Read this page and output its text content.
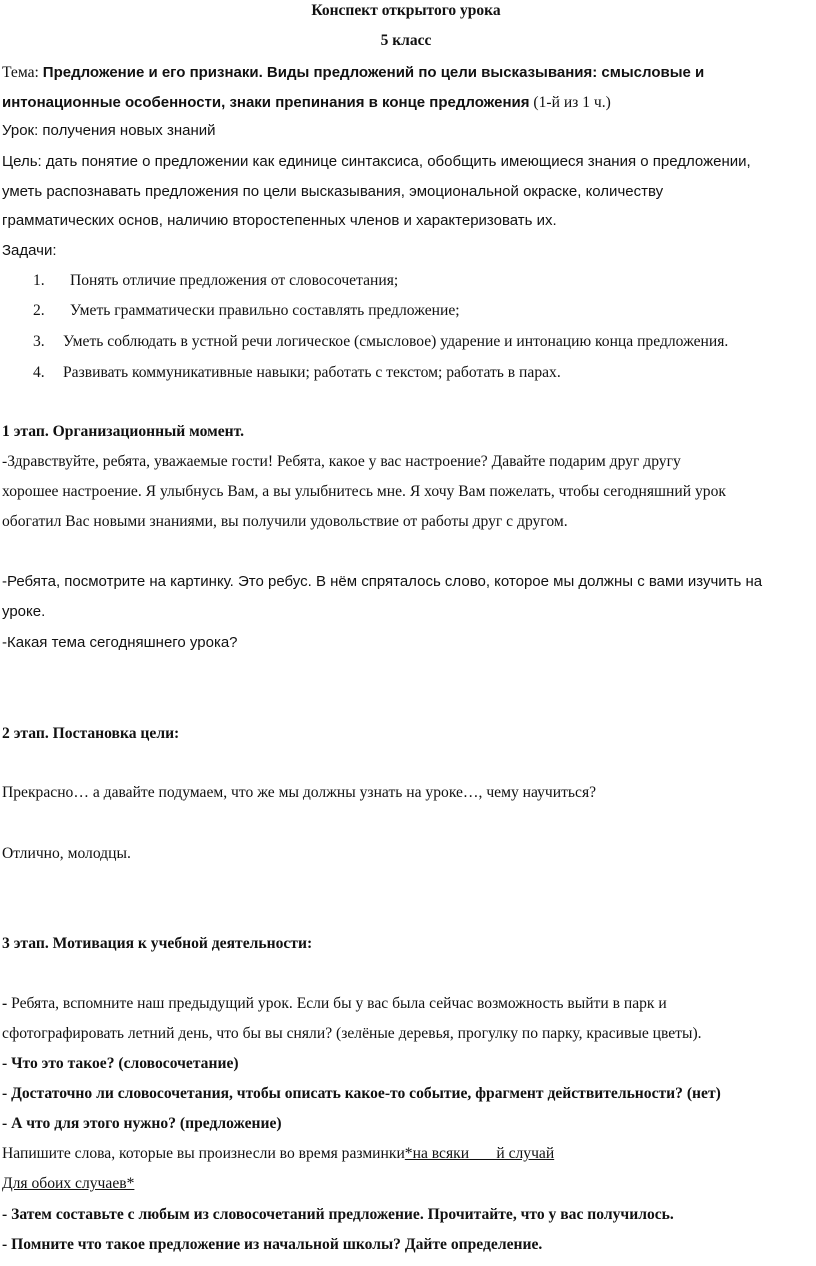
Конспект открытого урока
5 класс
Тема: Предложение и его признаки. Виды предложений по цели высказывания: смысловые и
интонационные особенности, знаки препинания в конце предложения (1-й из 1 ч.)
Урок: получения новых знаний
Цель: дать понятие о предложении как единице синтаксиса, обобщить имеющиеся знания о предложении,
уметь распознавать предложения по цели высказывания, эмоциональной окраске, количеству
грамматических основ, наличию второстепенных членов и характеризовать их.
Задачи:
1. Понять отличие предложения от словосочетания;
2. Уметь грамматически правильно составлять предложение;
3. Уметь соблюдать в устной речи логическое (смысловое) ударение и интонацию конца предложения.
4. Развивать коммуникативные навыки; работать с текстом; работать в парах.
1 этап. Организационный момент.
-Здравствуйте, ребята, уважаемые гости! Ребята, какое у вас настроение? Давайте подарим друг другу
хорошее настроение. Я улыбнусь Вам, а вы улыбнитесь мне. Я хочу Вам пожелать, чтобы сегодняшний урок
обогатил Вас новыми знаниями, вы получили удовольствие от работы друг с другом.
-Ребята, посмотрите на картинку. Это ребус. В нём спряталось слово, которое мы должны с вами изучить на
уроке.
-Какая тема сегодняшнего урока?
2 этап. Постановка цели:
Прекрасно… а давайте подумаем, что же мы должны узнать на уроке…, чему научиться?
Отлично, молодцы.
3 этап. Мотивация к учебной деятельности:
- Ребята, вспомните наш предыдущий урок. Если бы у вас была сейчас возможность выйти в парк и
сфотографировать летний день, что бы вы сняли? (зелёные деревья, прогулку по парку, красивые цветы).
- Что это такое? (словосочетание)
- Достаточно ли словосочетания, чтобы описать какое-то событие, фрагмент действительности? (нет)
- А что для этого нужно? (предложение)
Напишите слова, которые вы произнесли во время разминки*на всяки       й случай
Для обоих случаев*
- Затем составьте с любым из словосочетаний предложение. Прочитайте, что у вас получилось.
- Помните что такое предложение из начальной школы? Дайте определение.
